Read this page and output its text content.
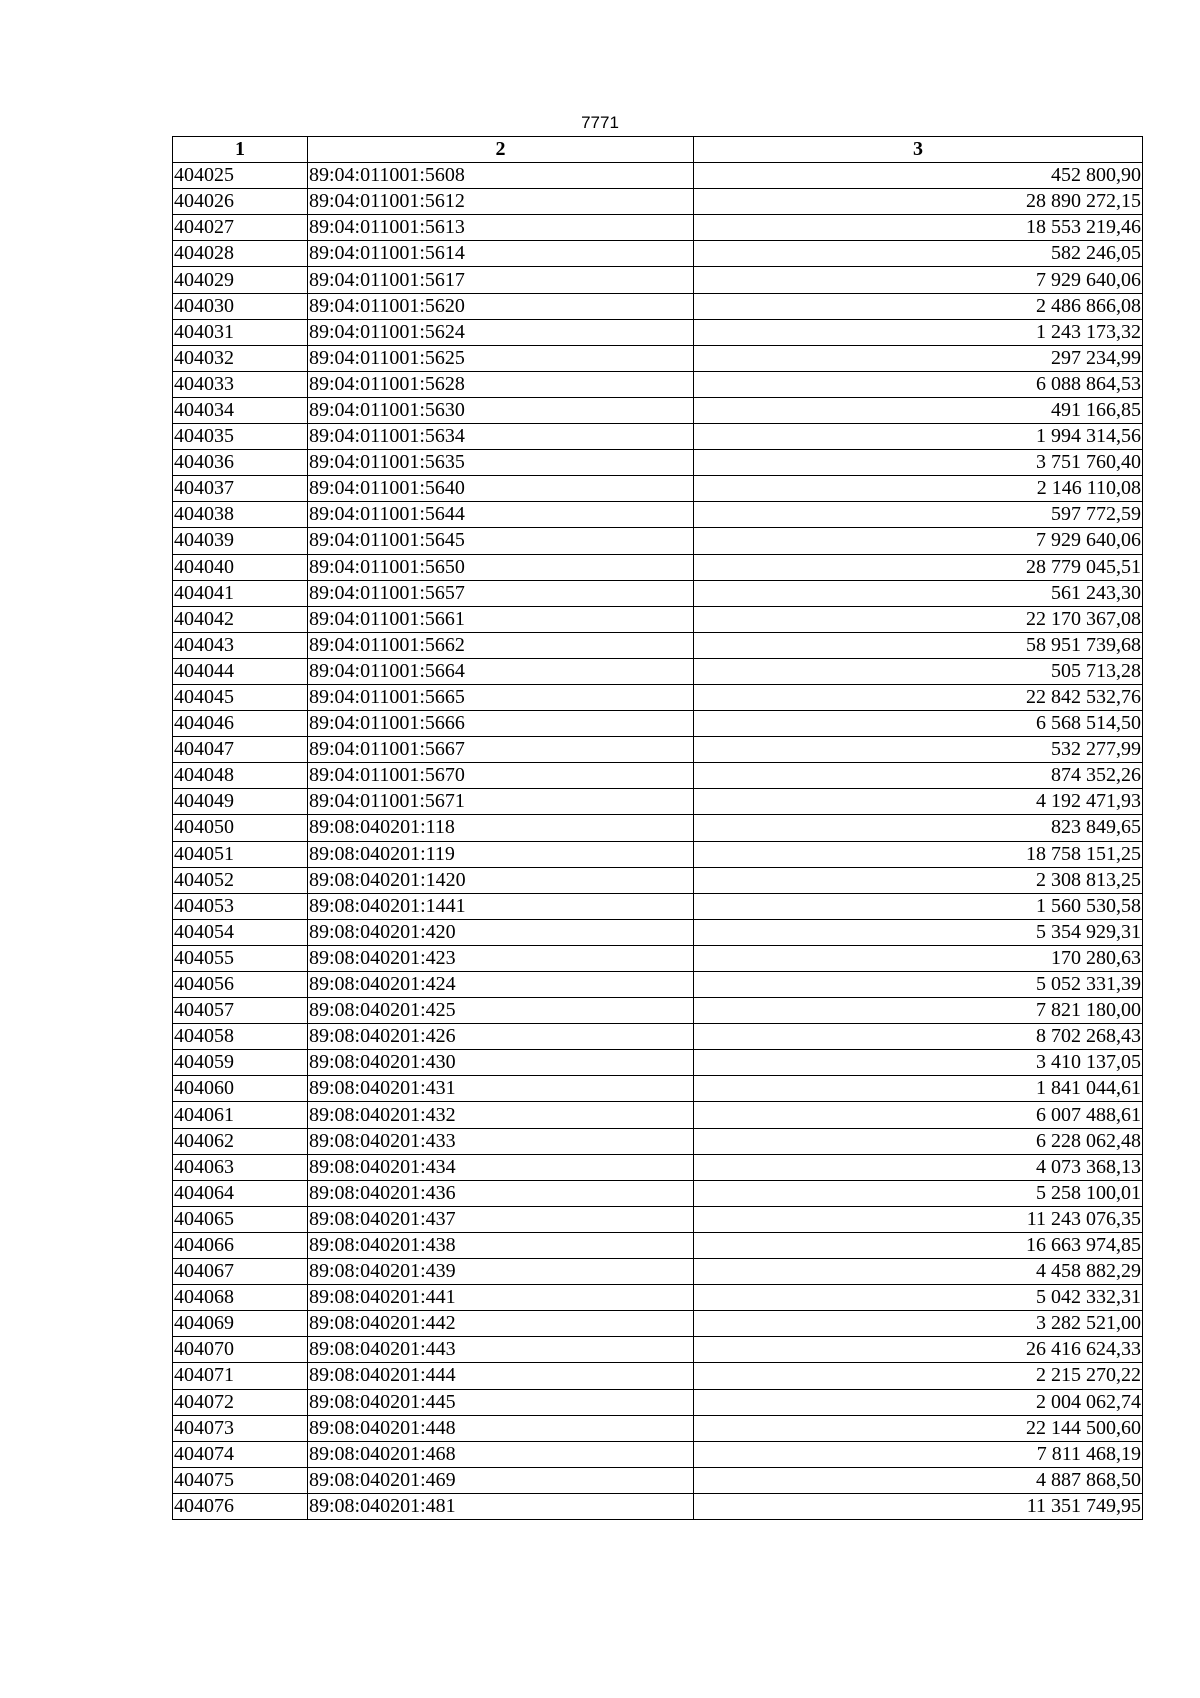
7771
1	2	3
404025	89:04:011001:5608	452 800,90
404026	89:04:011001:5612	28 890 272,15
404027	89:04:011001:5613	18 553 219,46
404028	89:04:011001:5614	582 246,05
404029	89:04:011001:5617	7 929 640,06
404030	89:04:011001:5620	2 486 866,08
404031	89:04:011001:5624	1 243 173,32
404032	89:04:011001:5625	297 234,99
404033	89:04:011001:5628	6 088 864,53
404034	89:04:011001:5630	491 166,85
404035	89:04:011001:5634	1 994 314,56
404036	89:04:011001:5635	3 751 760,40
404037	89:04:011001:5640	2 146 110,08
404038	89:04:011001:5644	597 772,59
404039	89:04:011001:5645	7 929 640,06
404040	89:04:011001:5650	28 779 045,51
404041	89:04:011001:5657	561 243,30
404042	89:04:011001:5661	22 170 367,08
404043	89:04:011001:5662	58 951 739,68
404044	89:04:011001:5664	505 713,28
404045	89:04:011001:5665	22 842 532,76
404046	89:04:011001:5666	6 568 514,50
404047	89:04:011001:5667	532 277,99
404048	89:04:011001:5670	874 352,26
404049	89:04:011001:5671	4 192 471,93
404050	89:08:040201:118	823 849,65
404051	89:08:040201:119	18 758 151,25
404052	89:08:040201:1420	2 308 813,25
404053	89:08:040201:1441	1 560 530,58
404054	89:08:040201:420	5 354 929,31
404055	89:08:040201:423	170 280,63
404056	89:08:040201:424	5 052 331,39
404057	89:08:040201:425	7 821 180,00
404058	89:08:040201:426	8 702 268,43
404059	89:08:040201:430	3 410 137,05
404060	89:08:040201:431	1 841 044,61
404061	89:08:040201:432	6 007 488,61
404062	89:08:040201:433	6 228 062,48
404063	89:08:040201:434	4 073 368,13
404064	89:08:040201:436	5 258 100,01
404065	89:08:040201:437	11 243 076,35
404066	89:08:040201:438	16 663 974,85
404067	89:08:040201:439	4 458 882,29
404068	89:08:040201:441	5 042 332,31
404069	89:08:040201:442	3 282 521,00
404070	89:08:040201:443	26 416 624,33
404071	89:08:040201:444	2 215 270,22
404072	89:08:040201:445	2 004 062,74
404073	89:08:040201:448	22 144 500,60
404074	89:08:040201:468	7 811 468,19
404075	89:08:040201:469	4 887 868,50
404076	89:08:040201:481	11 351 749,95
